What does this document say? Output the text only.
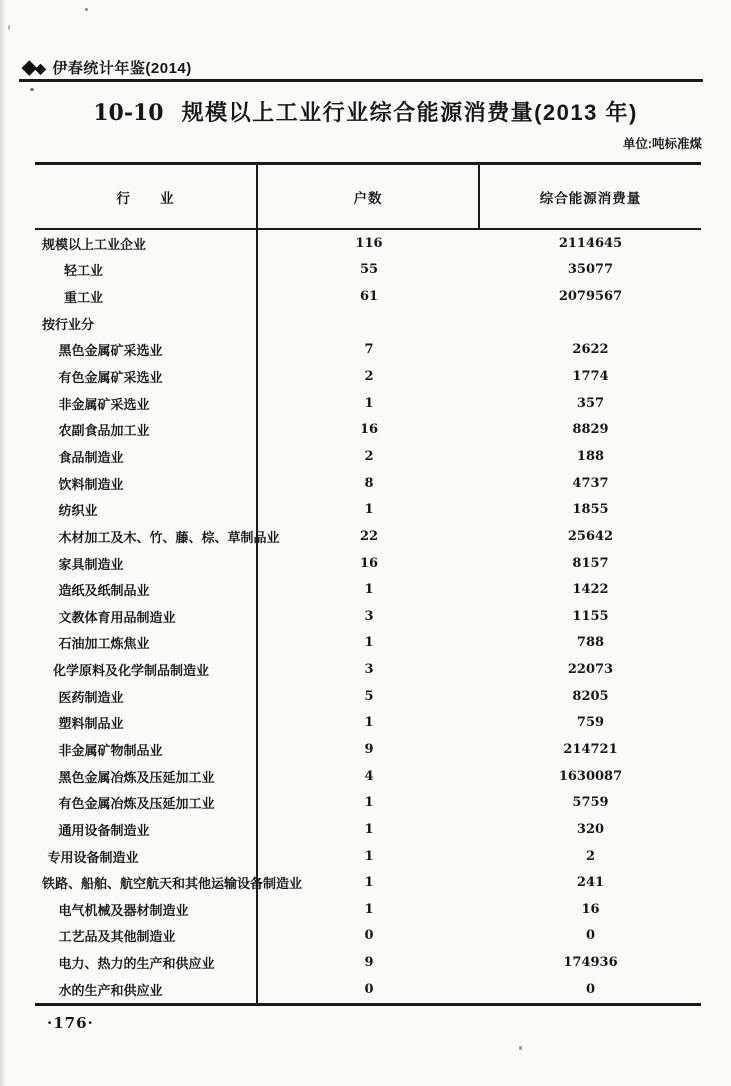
◆
◆ 伊春统计年鉴(2014)
10-10 规模以上工业行业综合能源消费量(2013 年)
单位:吨标准煤
行　　业	户数	综合能源消费量
规模以上工业企业	116	2114645
轻工业	55	35077
重工业	61	2079567
按行业分
黑色金属矿采选业	7	2622
有色金属矿采选业	2	1774
非金属矿采选业	1	357
农副食品加工业	16	8829
食品制造业	2	188
饮料制造业	8	4737
纺织业	1	1855
木材加工及木、竹、藤、棕、草制品业	22	25642
家具制造业	16	8157
造纸及纸制品业	1	1422
文教体育用品制造业	3	1155
石油加工炼焦业	1	788
化学原料及化学制品制造业	3	22073
医药制造业	5	8205
塑料制品业	1	759
非金属矿物制品业	9	214721
黑色金属冶炼及压延加工业	4	1630087
有色金属冶炼及压延加工业	1	5759
通用设备制造业	1	320
专用设备制造业	1	2
铁路、船舶、航空航天和其他运输设备制造业	1	241
电气机械及器材制造业	1	16
工艺品及其他制造业	0	0
电力、热力的生产和供应业	9	174936
水的生产和供应业	0	0
·176·
